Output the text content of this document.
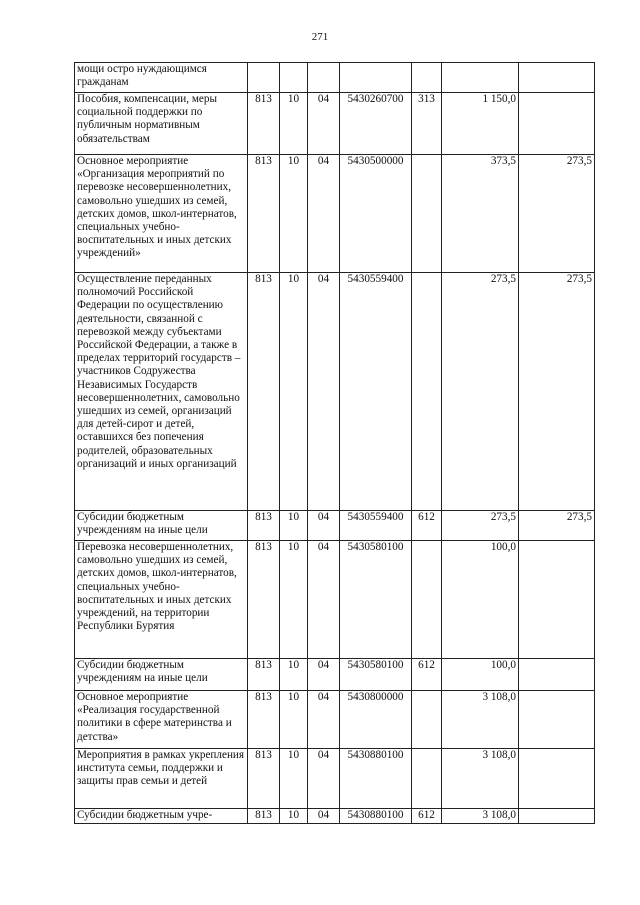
271
мощи остро нуждающимся гражданам							
Пособия, компенсации, меры социальной поддержки по публичным нормативным обязательствам	813	10	04	5430260700	313	1 150,0	
Основное мероприятие «Организация мероприятий по перевозке несовершеннолетних, самовольно ушедших из семей, детских домов, школ-интернатов, специальных учебно-воспитательных и иных детских учреждений»	813	10	04	5430500000		373,5	273,5
Осуществление переданных полномочий Российской Федерации по осуществлению деятельности, связанной с перевозкой между субъектами Российской Федерации, а также в пределах территорий государств – участников Содружества Независимых Государств несовершеннолетних, самовольно ушедших из семей, организаций для детей-сирот и детей, оставшихся без попечения родителей, образовательных организаций и иных организаций	813	10	04	5430559400		273,5	273,5
Субсидии бюджетным учреждениям на иные цели	813	10	04	5430559400	612	273,5	273,5
Перевозка несовершеннолетних, самовольно ушедших из семей, детских домов, школ-интернатов, специальных учебно-воспитательных и иных детских учреждений, на территории Республики Бурятия	813	10	04	5430580100		100,0	
Субсидии бюджетным учреждениям на иные цели	813	10	04	5430580100	612	100,0	
Основное мероприятие «Реализация государственной политики в сфере материнства и детства»	813	10	04	5430800000		3 108,0	
Мероприятия в рамках укрепления института семьи, поддержки и защиты прав семьи и детей	813	10	04	5430880100		3 108,0	
Субсидии бюджетным учре-	813	10	04	5430880100	612	3 108,0	
